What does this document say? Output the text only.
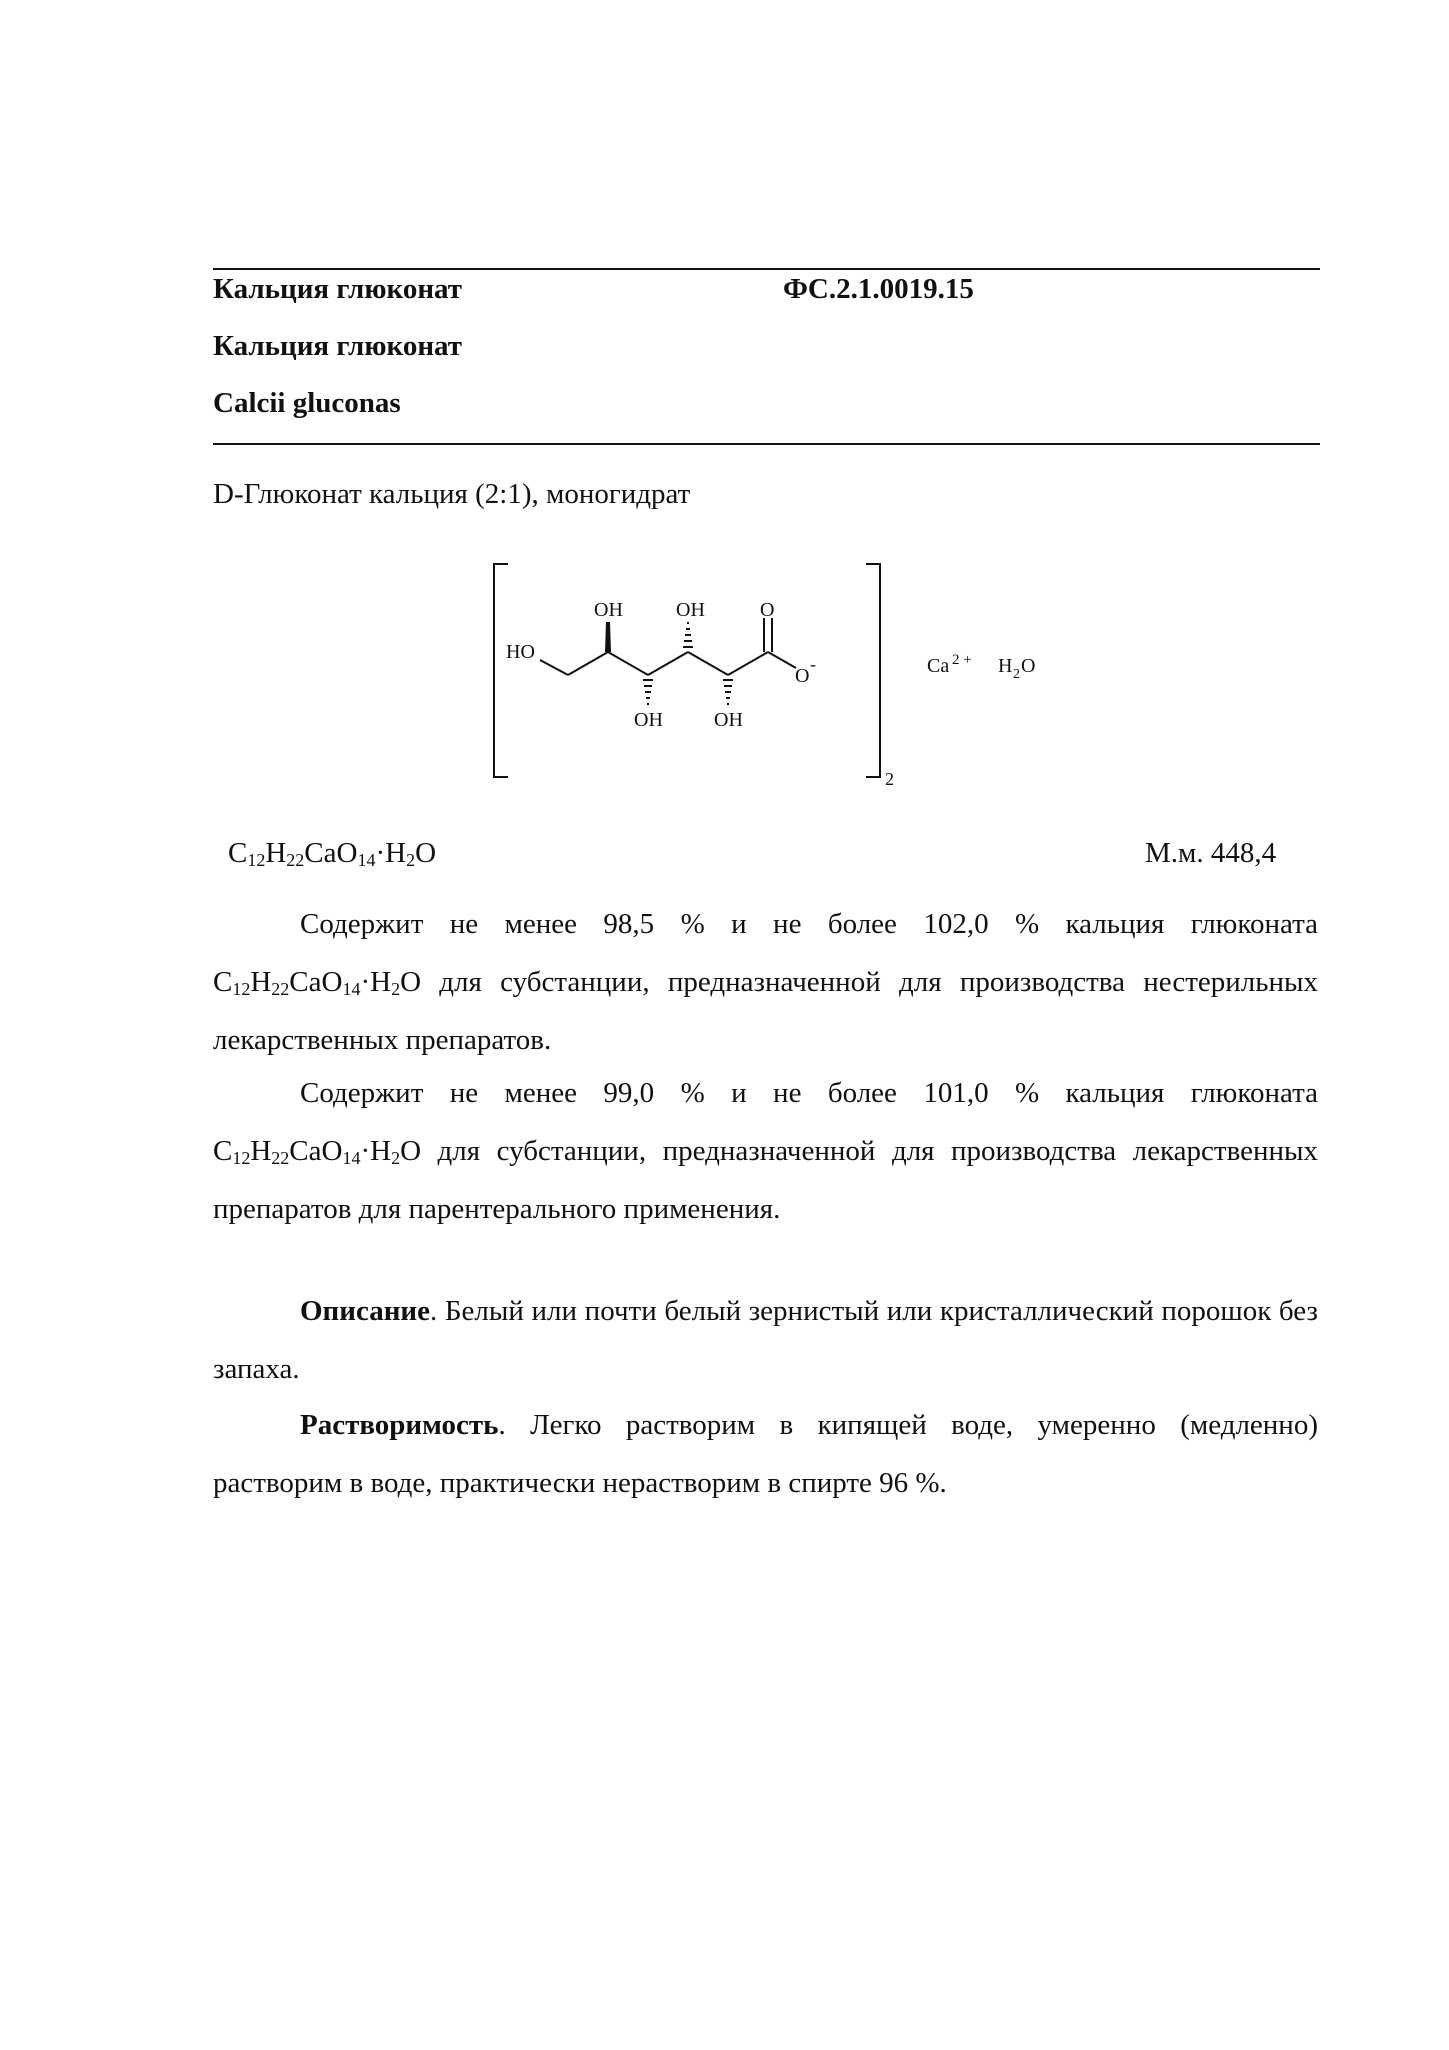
Кальция глюконат	ФС.2.1.0019.15
Кальция глюконат
Calcii gluconas
D-Глюконат кальция (2:1), моногидрат
HO
OH	OH	O
OH	OH
O
-
2
Ca 2 + H 2 O
$C_{12}H_{22}CaO_{14}\cdot H_2O$	М.м. 448,4
Содержит не менее 98,5 % и не более 102,0 % кальция глюконата $C_{12}H_{22}CaO_{14}\cdot H_2O$ для субстанции, предназначенной для производства нестерильных лекарственных препаратов.
Содержит не менее 99,0 % и не более 101,0 % кальция глюконата $C_{12}H_{22}CaO_{14}\cdot H_2O$ для субстанции, предназначенной для производства лекарственных препаратов для парентерального применения.
Описание. Белый или почти белый зернистый или кристаллический порошок без запаха.
Растворимость. Легко растворим в кипящей воде, умеренно (медленно) растворим в воде, практически нерастворим в спирте 96 %.
